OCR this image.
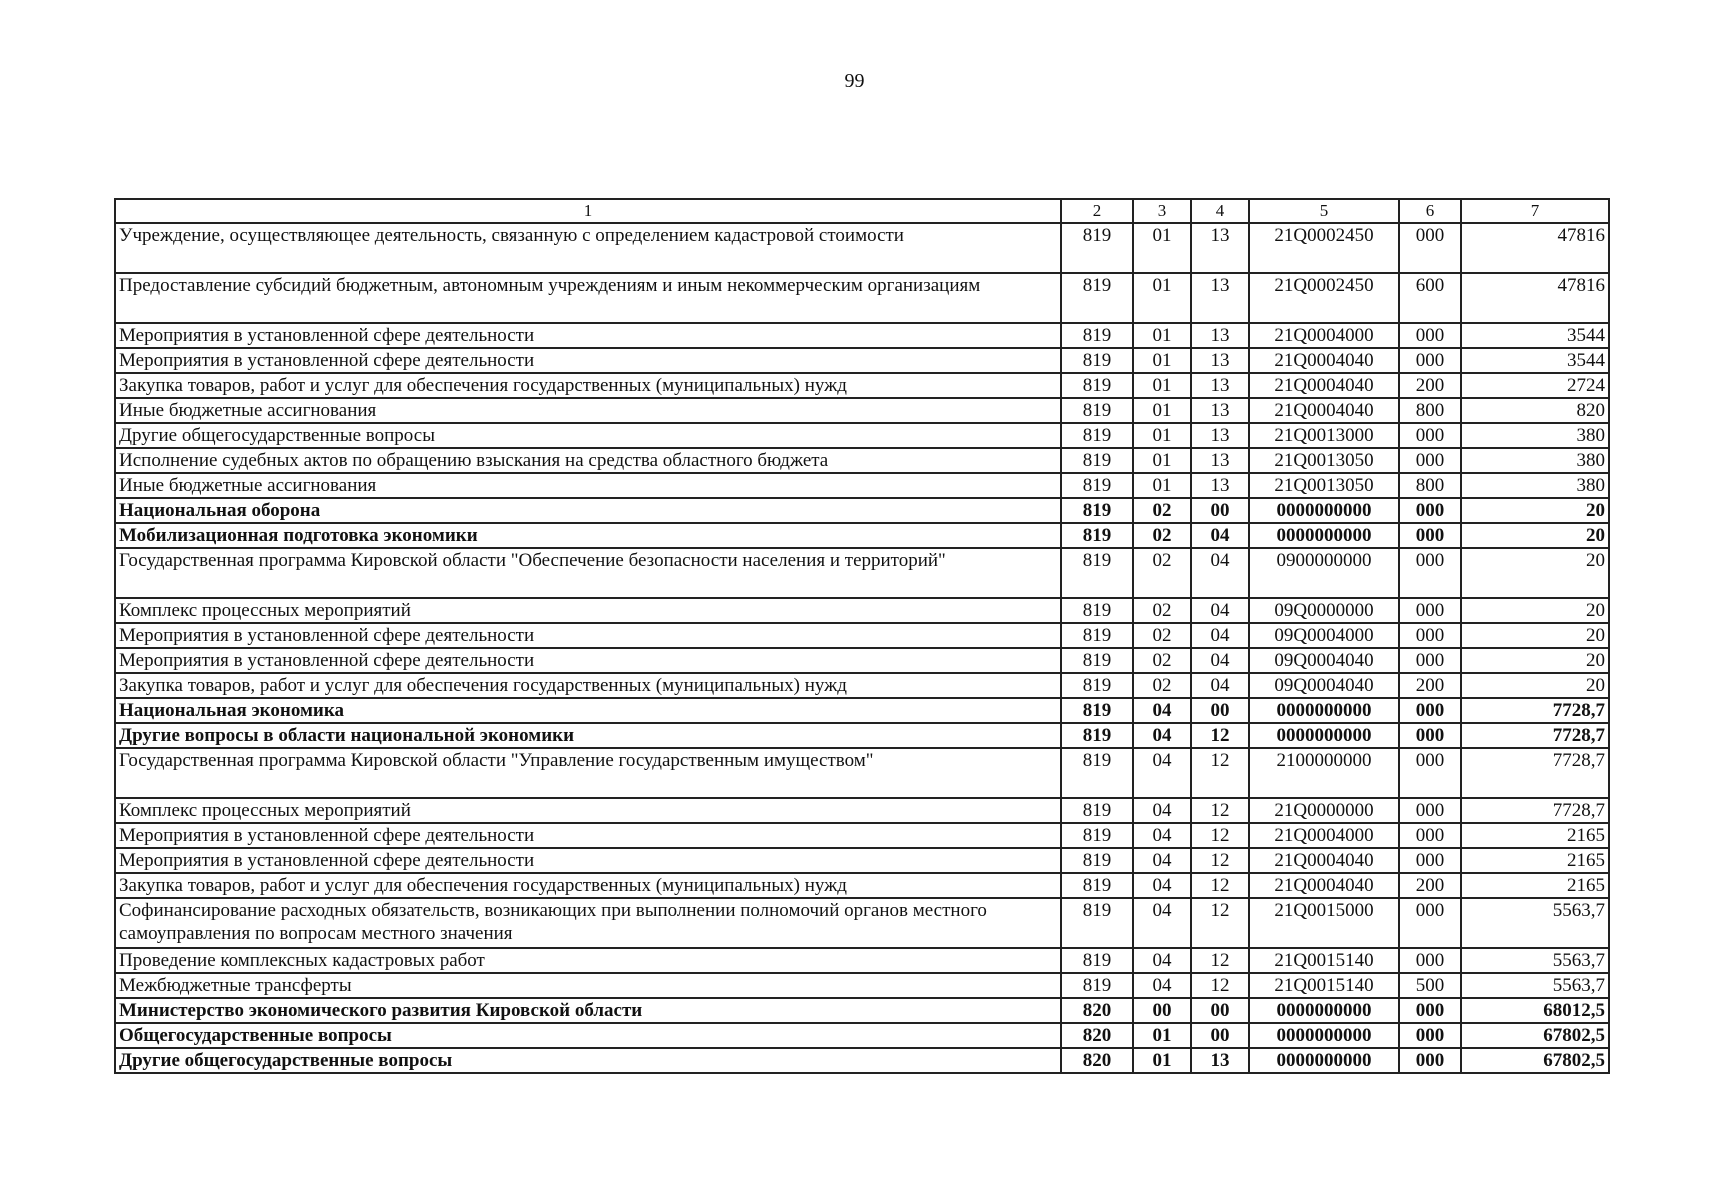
99
1	2	3	4	5	6	7
Учреждение, осуществляющее деятельность, связанную с определением кадастровой стоимости	819	01	13	21Q0002450	000	47816
Предоставление субсидий бюджетным, автономным учреждениям и иным некоммерческим организациям	819	01	13	21Q0002450	600	47816
Мероприятия в установленной сфере деятельности	819	01	13	21Q0004000	000	3544
Мероприятия в установленной сфере деятельности	819	01	13	21Q0004040	000	3544
Закупка товаров, работ и услуг для обеспечения государственных (муниципальных) нужд	819	01	13	21Q0004040	200	2724
Иные бюджетные ассигнования	819	01	13	21Q0004040	800	820
Другие общегосударственные вопросы	819	01	13	21Q0013000	000	380
Исполнение судебных актов по обращению взыскания на средства областного бюджета	819	01	13	21Q0013050	000	380
Иные бюджетные ассигнования	819	01	13	21Q0013050	800	380
Национальная оборона	819	02	00	0000000000	000	20
Мобилизационная подготовка экономики	819	02	04	0000000000	000	20
Государственная программа Кировской области "Обеспечение безопасности населения и территорий"	819	02	04	0900000000	000	20
Комплекс процессных мероприятий	819	02	04	09Q0000000	000	20
Мероприятия в установленной сфере деятельности	819	02	04	09Q0004000	000	20
Мероприятия в установленной сфере деятельности	819	02	04	09Q0004040	000	20
Закупка товаров, работ и услуг для обеспечения государственных (муниципальных) нужд	819	02	04	09Q0004040	200	20
Национальная экономика	819	04	00	0000000000	000	7728,7
Другие вопросы в области национальной экономики	819	04	12	0000000000	000	7728,7
Государственная программа Кировской области "Управление государственным имуществом"	819	04	12	2100000000	000	7728,7
Комплекс процессных мероприятий	819	04	12	21Q0000000	000	7728,7
Мероприятия в установленной сфере деятельности	819	04	12	21Q0004000	000	2165
Мероприятия в установленной сфере деятельности	819	04	12	21Q0004040	000	2165
Закупка товаров, работ и услуг для обеспечения государственных (муниципальных) нужд	819	04	12	21Q0004040	200	2165
Софинансирование расходных обязательств, возникающих при выполнении полномочий органов местного самоуправления по вопросам местного значения	819	04	12	21Q0015000	000	5563,7
Проведение комплексных кадастровых работ	819	04	12	21Q0015140	000	5563,7
Межбюджетные трансферты	819	04	12	21Q0015140	500	5563,7
Министерство экономического развития Кировской области	820	00	00	0000000000	000	68012,5
Общегосударственные вопросы	820	01	00	0000000000	000	67802,5
Другие общегосударственные вопросы	820	01	13	0000000000	000	67802,5
